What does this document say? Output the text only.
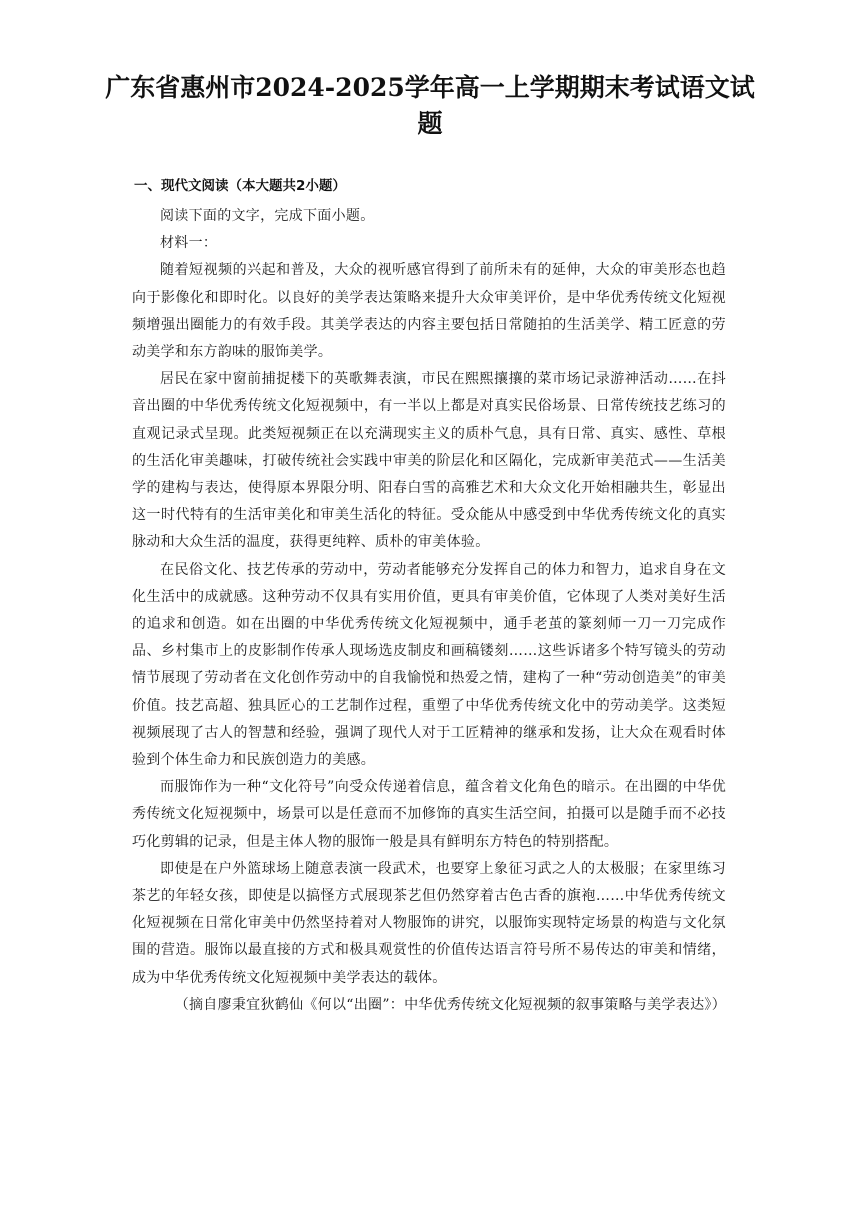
广东省惠州市2024-2025学年高一上学期期末考试语文试题
一、现代文阅读（本大题共2小题）

阅读下面的文字，完成下面小题。

材料一：

随着短视频的兴起和普及，大众的视听感官得到了前所未有的延伸，大众的审美形态也趋向于影像化和即时化。以良好的美学表达策略来提升大众审美评价，是中华优秀传统文化短视频增强出圈能力的有效手段。其美学表达的内容主要包括日常随拍的生活美学、精工匠意的劳动美学和东方韵味的服饰美学。

居民在家中窗前捕捉楼下的英歌舞表演，市民在熙熙攘攘的菜市场记录游神活动……在抖音出圈的中华优秀传统文化短视频中，有一半以上都是对真实民俗场景、日常传统技艺练习的直观记录式呈现。此类短视频正在以充满现实主义的质朴气息，具有日常、真实、感性、草根的生活化审美趣味，打破传统社会实践中审美的阶层化和区隔化，完成新审美范式——生活美学的建构与表达，使得原本界限分明、阳春白雪的高雅艺术和大众文化开始相融共生，彰显出这一时代特有的生活审美化和审美生活化的特征。受众能从中感受到中华优秀传统文化的真实脉动和大众生活的温度，获得更纯粹、质朴的审美体验。

在民俗文化、技艺传承的劳动中，劳动者能够充分发挥自己的体力和智力，追求自身在文化生活中的成就感。这种劳动不仅具有实用价值，更具有审美价值，它体现了人类对美好生活的追求和创造。如在出圈的中华优秀传统文化短视频中，通手老茧的篆刻师一刀一刀完成作品、乡村集市上的皮影制作传承人现场选皮制皮和画稿镂刻……这些诉诸多个特写镜头的劳动情节展现了劳动者在文化创作劳动中的自我愉悦和热爱之情，建构了一种“劳动创造美”的审美价值。技艺高超、独具匠心的工艺制作过程，重塑了中华优秀传统文化中的劳动美学。这类短视频展现了古人的智慧和经验，强调了现代人对于工匠精神的继承和发扬，让大众在观看时体验到个体生命力和民族创造力的美感。

而服饰作为一种“文化符号”向受众传递着信息，蕴含着文化角色的暗示。在出圈的中华优秀传统文化短视频中，场景可以是任意而不加修饰的真实生活空间，拍摄可以是随手而不必技巧化剪辑的记录，但是主体人物的服饰一般是具有鲜明东方特色的特别搭配。

即使是在户外篮球场上随意表演一段武术，也要穿上象征习武之人的太极服；在家里练习茶艺的年轻女孩，即使是以搞怪方式展现茶艺但仍然穿着古色古香的旗袍……中华优秀传统文化短视频在日常化审美中仍然坚持着对人物服饰的讲究，以服饰实现特定场景的构造与文化氛围的营造。服饰以最直接的方式和极具观赏性的价值传达语言符号所不易传达的审美和情绪，成为中华优秀传统文化短视频中美学表达的载体。

（摘自廖秉宜狄鹤仙《何以“出圈”：中华优秀传统文化短视频的叙事策略与美学表达》）
